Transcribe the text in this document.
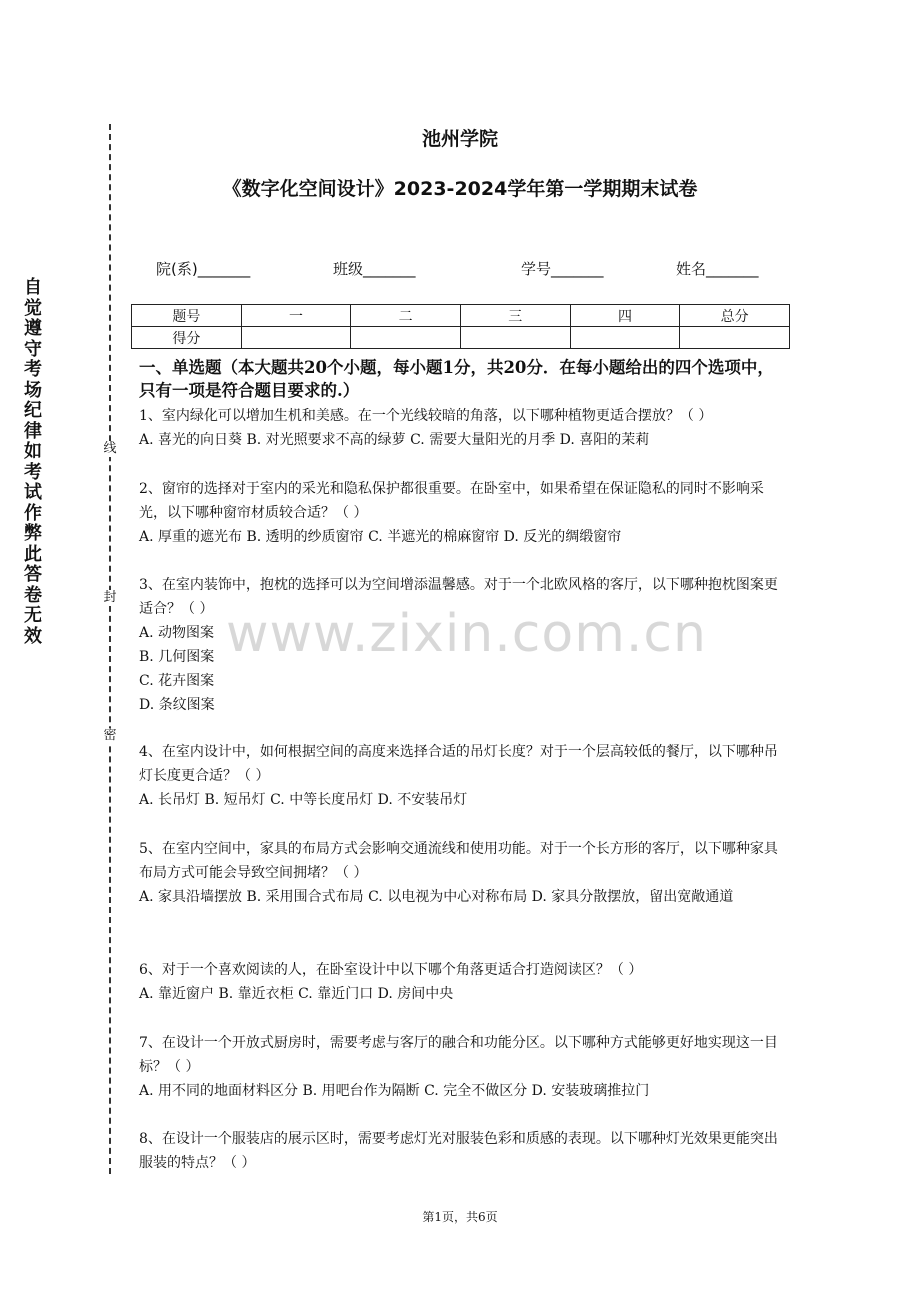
自
觉
遵
守
考
场
纪
律
如
考
试
作
弊
此
答
卷
无
效
线
封
密
池州学院
《数字化空间设计》2023-2024学年第一学期期末试卷
院(系)_______	班级_______	学号_______	姓名_______
题号	一	二	三	四	总分
得分					
一、单选题（本大题共20个小题，每小题1分，共20分．在每小题给出的四个选项中，只有一项是符合题目要求的.）

1、室内绿化可以增加生机和美感。在一个光线较暗的角落，以下哪种植物更适合摆放？（ ）

A. 喜光的向日葵 B. 对光照要求不高的绿萝 C. 需要大量阳光的月季 D. 喜阳的茉莉

2、窗帘的选择对于室内的采光和隐私保护都很重要。在卧室中，如果希望在保证隐私的同时不影响采光，以下哪种窗帘材质较合适？（ ）

A. 厚重的遮光布 B. 透明的纱质窗帘 C. 半遮光的棉麻窗帘 D. 反光的绸缎窗帘

3、在室内装饰中，抱枕的选择可以为空间增添温馨感。对于一个北欧风格的客厅，以下哪种抱枕图案更适合？（ ）

A. 动物图案

B. 几何图案

C. 花卉图案

D. 条纹图案

4、在室内设计中，如何根据空间的高度来选择合适的吊灯长度？对于一个层高较低的餐厅，以下哪种吊灯长度更合适？（ ）

A. 长吊灯 B. 短吊灯 C. 中等长度吊灯 D. 不安装吊灯

5、在室内空间中，家具的布局方式会影响交通流线和使用功能。对于一个长方形的客厅，以下哪种家具布局方式可能会导致空间拥堵？（ ）

A. 家具沿墙摆放 B. 采用围合式布局 C. 以电视为中心对称布局 D. 家具分散摆放，留出宽敞通道

6、对于一个喜欢阅读的人，在卧室设计中以下哪个角落更适合打造阅读区？（ ）

A. 靠近窗户 B. 靠近衣柜 C. 靠近门口 D. 房间中央

7、在设计一个开放式厨房时，需要考虑与客厅的融合和功能分区。以下哪种方式能够更好地实现这一目标？（ ）

A. 用不同的地面材料区分 B. 用吧台作为隔断 C. 完全不做区分 D. 安装玻璃推拉门

8、在设计一个服装店的展示区时，需要考虑灯光对服装色彩和质感的表现。以下哪种灯光效果更能突出服装的特点？（ ）

www.zixin.com.cn
第1页，共6页
